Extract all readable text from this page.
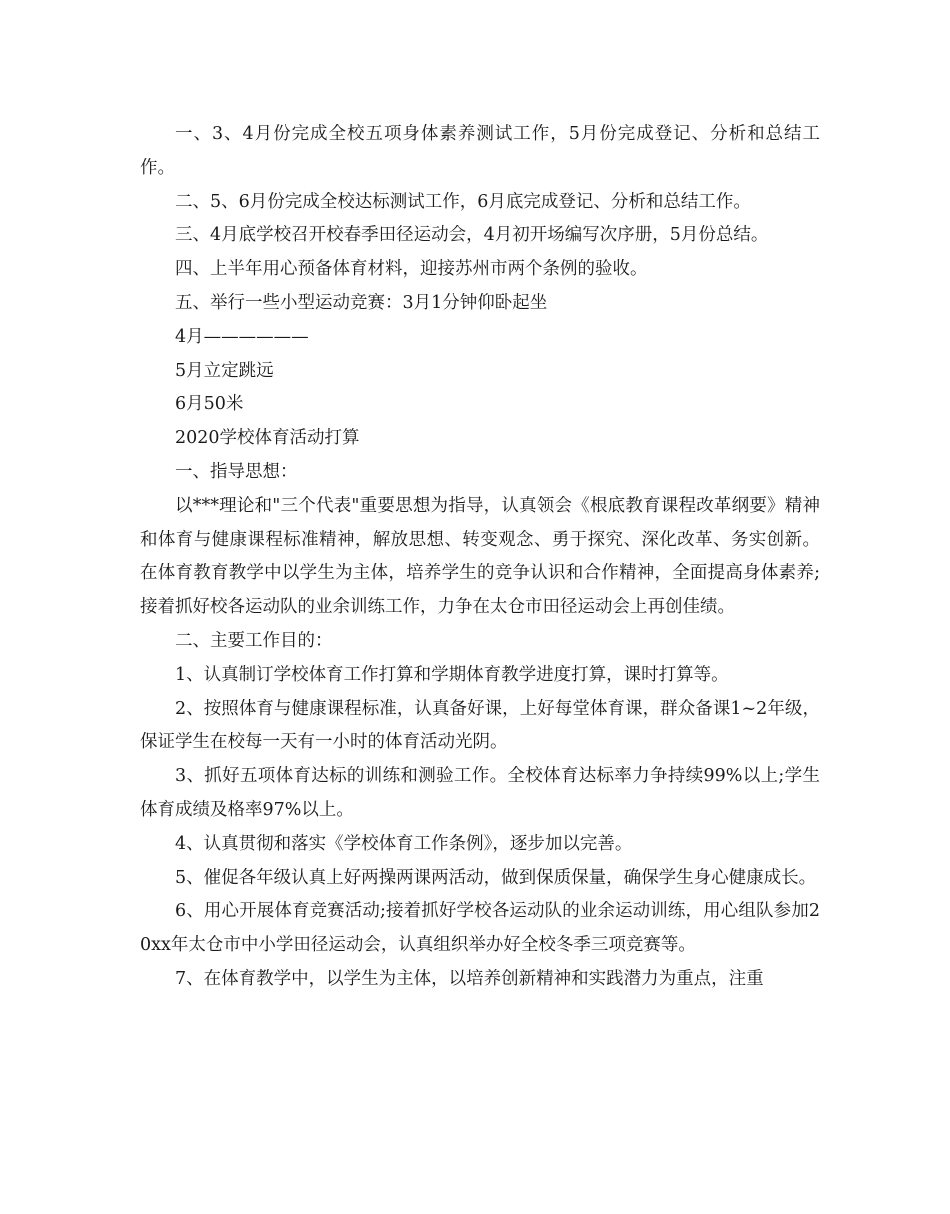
一、3、4月份完成全校五项身体素养测试工作，5月份完成登记、分析和总结工作。

二、5、6月份完成全校达标测试工作，6月底完成登记、分析和总结工作。

三、4月底学校召开校春季田径运动会，4月初开场编写次序册，5月份总结。

四、上半年用心预备体育材料，迎接苏州市两个条例的验收。

五、举行一些小型运动竞赛：3月1分钟仰卧起坐

4月——————

5月立定跳远

6月50米

2020学校体育活动打算

一、指导思想：

以***理论和"三个代表"重要思想为指导，认真领会《根底教育课程改革纲要》精神和体育与健康课程标准精神，解放思想、转变观念、勇于探究、深化改革、务实创新。在体育教育教学中以学生为主体，培养学生的竞争认识和合作精神，全面提高身体素养;接着抓好校各运动队的业余训练工作，力争在太仓市田径运动会上再创佳绩。

二、主要工作目的：

1、认真制订学校体育工作打算和学期体育教学进度打算，课时打算等。

2、按照体育与健康课程标准，认真备好课，上好每堂体育课，群众备课1~2年级，保证学生在校每一天有一小时的体育活动光阴。

3、抓好五项体育达标的训练和测验工作。全校体育达标率力争持续99%以上;学生体育成绩及格率97%以上。

4、认真贯彻和落实《学校体育工作条例》，逐步加以完善。

5、催促各年级认真上好两操两课两活动，做到保质保量，确保学生身心健康成长。

6、用心开展体育竞赛活动;接着抓好学校各运动队的业余运动训练，用心组队参加20xx年太仓市中小学田径运动会，认真组织举办好全校冬季三项竞赛等。

7、在体育教学中，以学生为主体，以培养创新精神和实践潜力为重点，注重
